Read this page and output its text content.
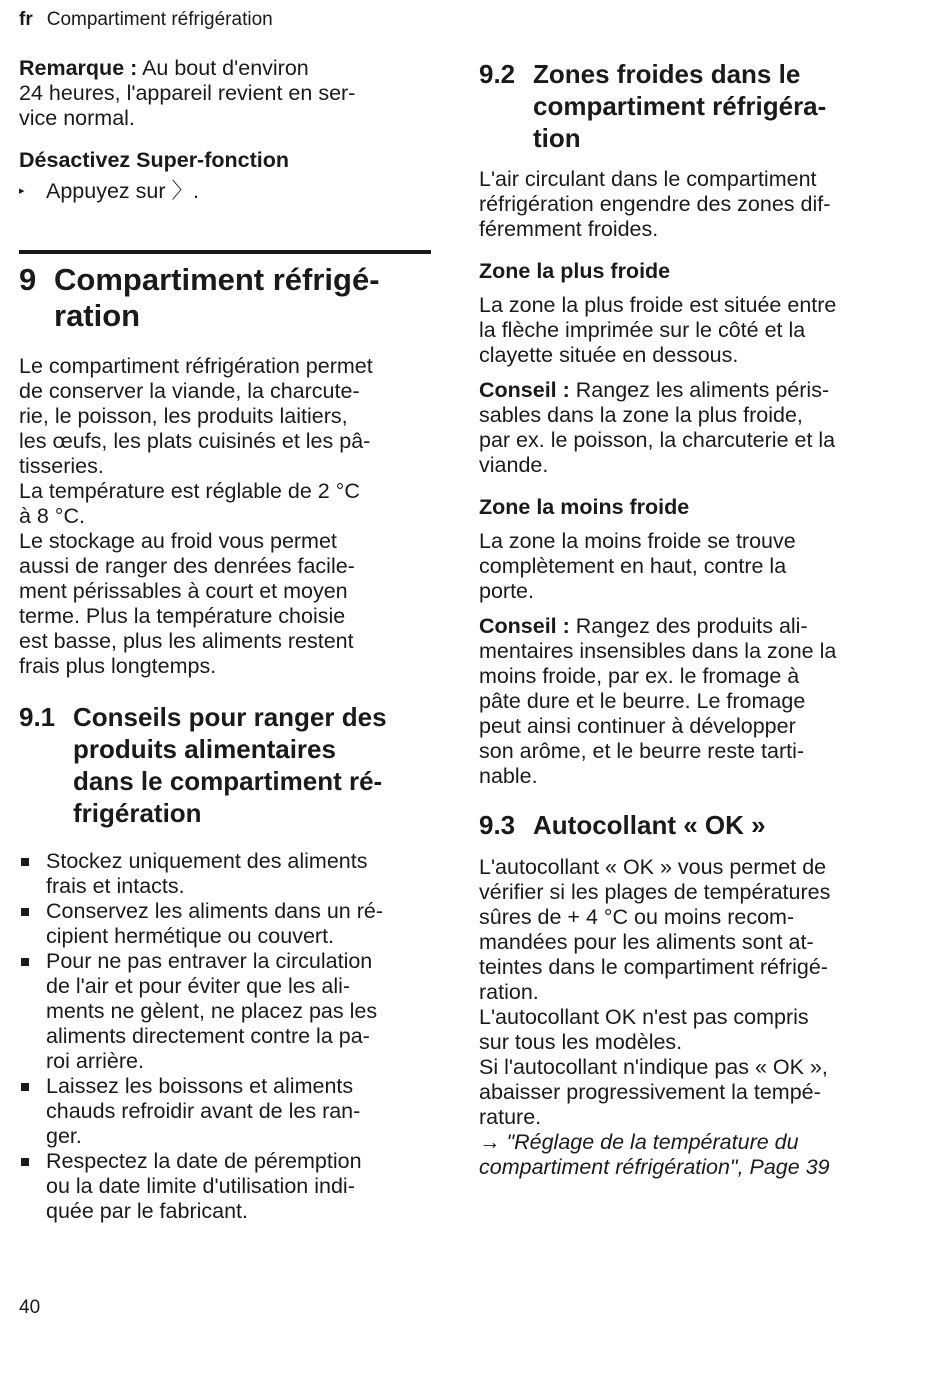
fr Compartiment réfrigération

Remarque : Au bout d'environ
24 heures, l'appareil revient en ser-
vice normal.

Désactivez Super-fonction

▸ Appuyez sur 〉.
9 Compartiment réfrigé-
ration

Le compartiment réfrigération permet
de conserver la viande, la charcute-
rie, le poisson, les produits laitiers,
les œufs, les plats cuisinés et les pâ-
tisseries.
La température est réglable de 2 °C
à 8 °C.
Le stockage au froid vous permet
aussi de ranger des denrées facile-
ment périssables à court et moyen
terme. Plus la température choisie
est basse, plus les aliments restent
frais plus longtemps.

9.1 Conseils pour ranger des
produits alimentaires
dans le compartiment ré-
frigération
Stockez uniquement des aliments
frais et intacts.
Conservez les aliments dans un ré-
cipient hermétique ou couvert.
Pour ne pas entraver la circulation
de l'air et pour éviter que les ali-
ments ne gèlent, ne placez pas les
aliments directement contre la pa-
roi arrière.
Laissez les boissons et aliments
chauds refroidir avant de les ran-
ger.
Respectez la date de péremption
ou la date limite d'utilisation indi-
quée par le fabricant.
9.2 Zones froides dans le
compartiment réfrigéra-
tion

L'air circulant dans le compartiment
réfrigération engendre des zones dif-
féremment froides.

Zone la plus froide

La zone la plus froide est située entre
la flèche imprimée sur le côté et la
clayette située en dessous.

Conseil : Rangez les aliments péris-
sables dans la zone la plus froide,
par ex. le poisson, la charcuterie et la
viande.

Zone la moins froide

La zone la moins froide se trouve
complètement en haut, contre la
porte.

Conseil : Rangez des produits ali-
mentaires insensibles dans la zone la
moins froide, par ex. le fromage à
pâte dure et le beurre. Le fromage
peut ainsi continuer à développer
son arôme, et le beurre reste tarti-
nable.

9.3 Autocollant « OK »

L'autocollant « OK » vous permet de
vérifier si les plages de températures
sûres de + 4 °C ou moins recom-
mandées pour les aliments sont at-
teintes dans le compartiment réfrigé-
ration.
L'autocollant OK n'est pas compris
sur tous les modèles.
Si l'autocollant n'indique pas « OK »,
abaisser progressivement la tempé-
rature.
→ "Réglage de la température du
compartiment réfrigération", Page 39

40
